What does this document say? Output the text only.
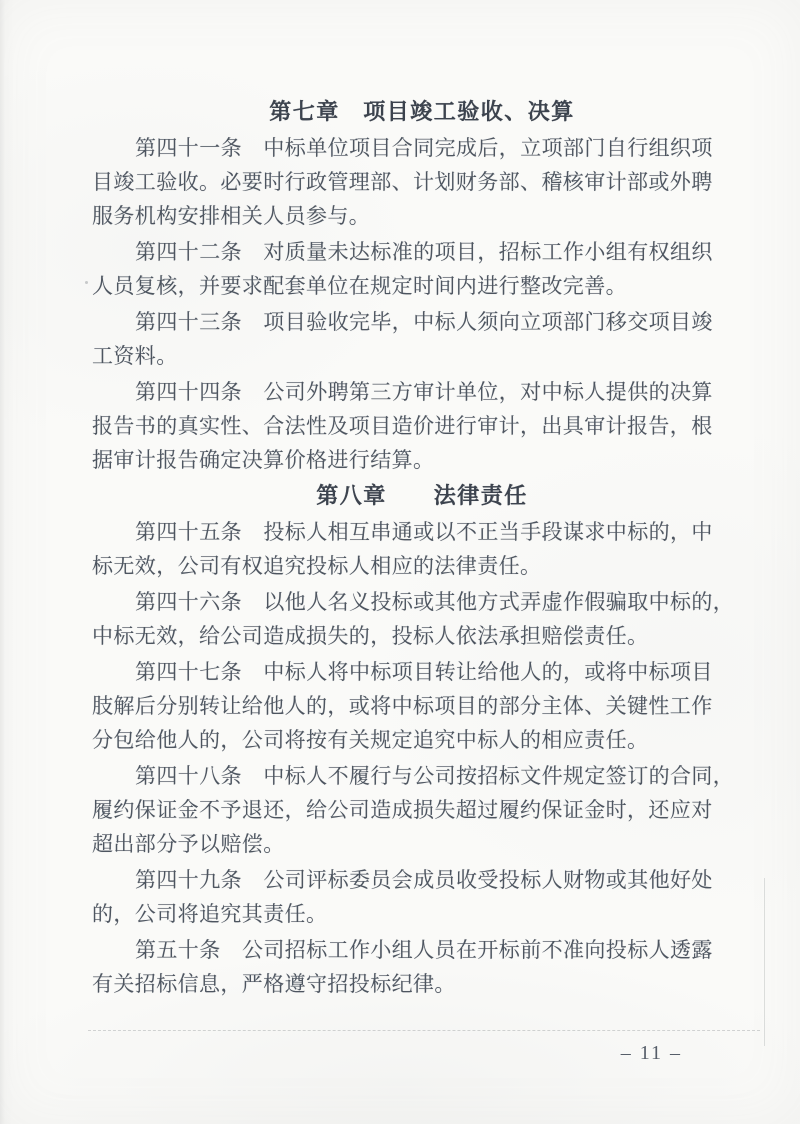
第七章　项目竣工验收、决算
第四十一条　中标单位项目合同完成后，立项部门自行组织项
目竣工验收。必要时行政管理部、计划财务部、稽核审计部或外聘
服务机构安排相关人员参与。
第四十二条　对质量未达标准的项目，招标工作小组有权组织
人员复核，并要求配套单位在规定时间内进行整改完善。
第四十三条　项目验收完毕，中标人须向立项部门移交项目竣
工资料。
第四十四条　公司外聘第三方审计单位，对中标人提供的决算
报告书的真实性、合法性及项目造价进行审计，出具审计报告，根
据审计报告确定决算价格进行结算。
第八章　　法律责任
第四十五条　投标人相互串通或以不正当手段谋求中标的，中
标无效，公司有权追究投标人相应的法律责任。
第四十六条　以他人名义投标或其他方式弄虚作假骗取中标的，
中标无效，给公司造成损失的，投标人依法承担赔偿责任。
第四十七条　中标人将中标项目转让给他人的，或将中标项目
肢解后分别转让给他人的，或将中标项目的部分主体、关键性工作
分包给他人的，公司将按有关规定追究中标人的相应责任。
第四十八条　中标人不履行与公司按招标文件规定签订的合同，
履约保证金不予退还，给公司造成损失超过履约保证金时，还应对
超出部分予以赔偿。
第四十九条　公司评标委员会成员收受投标人财物或其他好处
的，公司将追究其责任。
第五十条　公司招标工作小组人员在开标前不准向投标人透露
有关招标信息，严格遵守招投标纪律。
– 11 –
